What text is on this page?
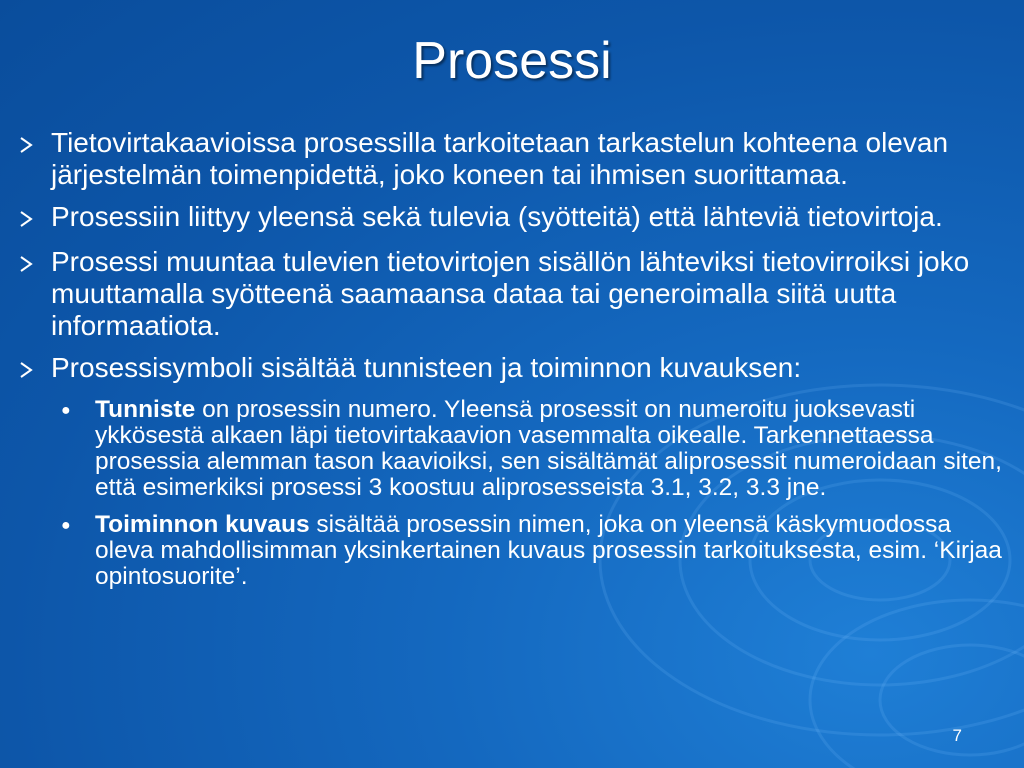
Prosessi
Tietovirtakaavioissa prosessilla tarkoitetaan tarkastelun kohteena olevan järjestelmän toimenpidettä, joko koneen tai ihmisen suorittamaa.
Prosessiin liittyy yleensä sekä tulevia (syötteitä) että lähteviä tietovirtoja.
Prosessi muuntaa tulevien tietovirtojen sisällön lähteviksi tietovirroiksi joko muuttamalla syötteenä saamaansa dataa tai generoimalla siitä uutta informaatiota.
Prosessisymboli sisältää tunnisteen ja toiminnon kuvauksen:
● Tunniste on prosessin numero. Yleensä prosessit on numeroitu juoksevasti ykkösestä alkaen läpi tietovirtakaavion vasemmalta oikealle. Tarkennettaessa prosessia alemman tason kaavioiksi, sen sisältämät aliprosessit numeroidaan siten, että esimerkiksi prosessi 3 koostuu aliprosesseista 3.1, 3.2, 3.3 jne.
● Toiminnon kuvaus sisältää prosessin nimen, joka on yleensä käskymuodossa oleva mahdollisimman yksinkertainen kuvaus prosessin tarkoituksesta, esim. ‘Kirjaa opintosuorite’.
7
